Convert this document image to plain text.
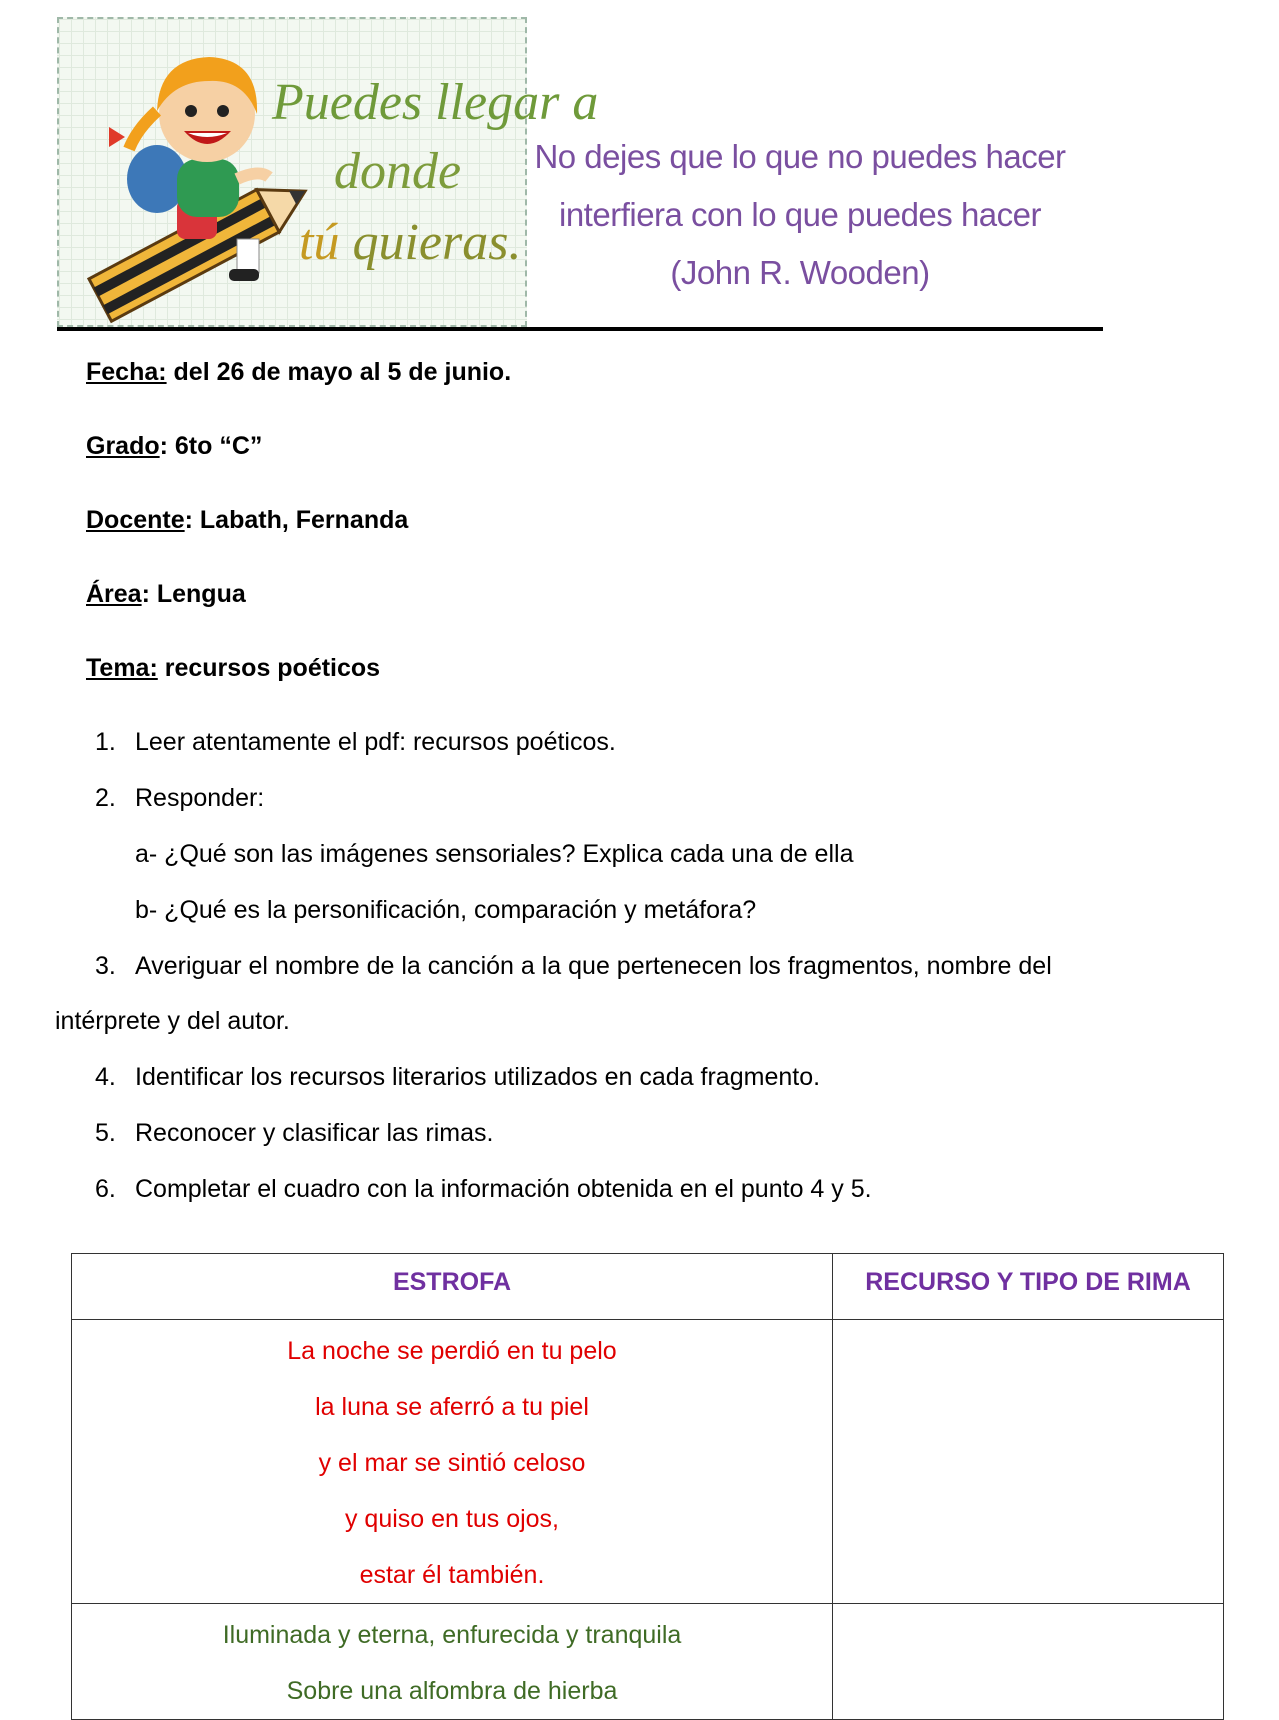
Puedes llegar a
donde
tú quieras.
No dejes que lo que no puedes hacer
interfiera con lo que puedes hacer
(John R. Wooden)
Fecha: del 26 de mayo al 5 de junio.
Grado: 6to “C”
Docente: Labath, Fernanda
Área: Lengua
Tema: recursos poéticos
1. Leer atentamente el pdf: recursos poéticos.
2. Responder:
a- ¿Qué son las imágenes sensoriales? Explica cada una de ella
b- ¿Qué es la personificación, comparación y metáfora?
3. Averiguar el nombre de la canción a la que pertenecen los fragmentos, nombre del
intérprete y del autor.
4. Identificar los recursos literarios utilizados en cada fragmento.
5. Reconocer y clasificar las rimas.
6. Completar el cuadro con la información obtenida en el punto 4 y 5.
ESTROFA	RECURSO Y TIPO DE RIMA

La noche se perdió en tu pelo
la luna se aferró a tu piel
y el mar se sintió celoso
y quiso en tus ojos,
estar él también.	

Iluminada y eterna, enfurecida y tranquila
Sobre una alfombra de hierba	
